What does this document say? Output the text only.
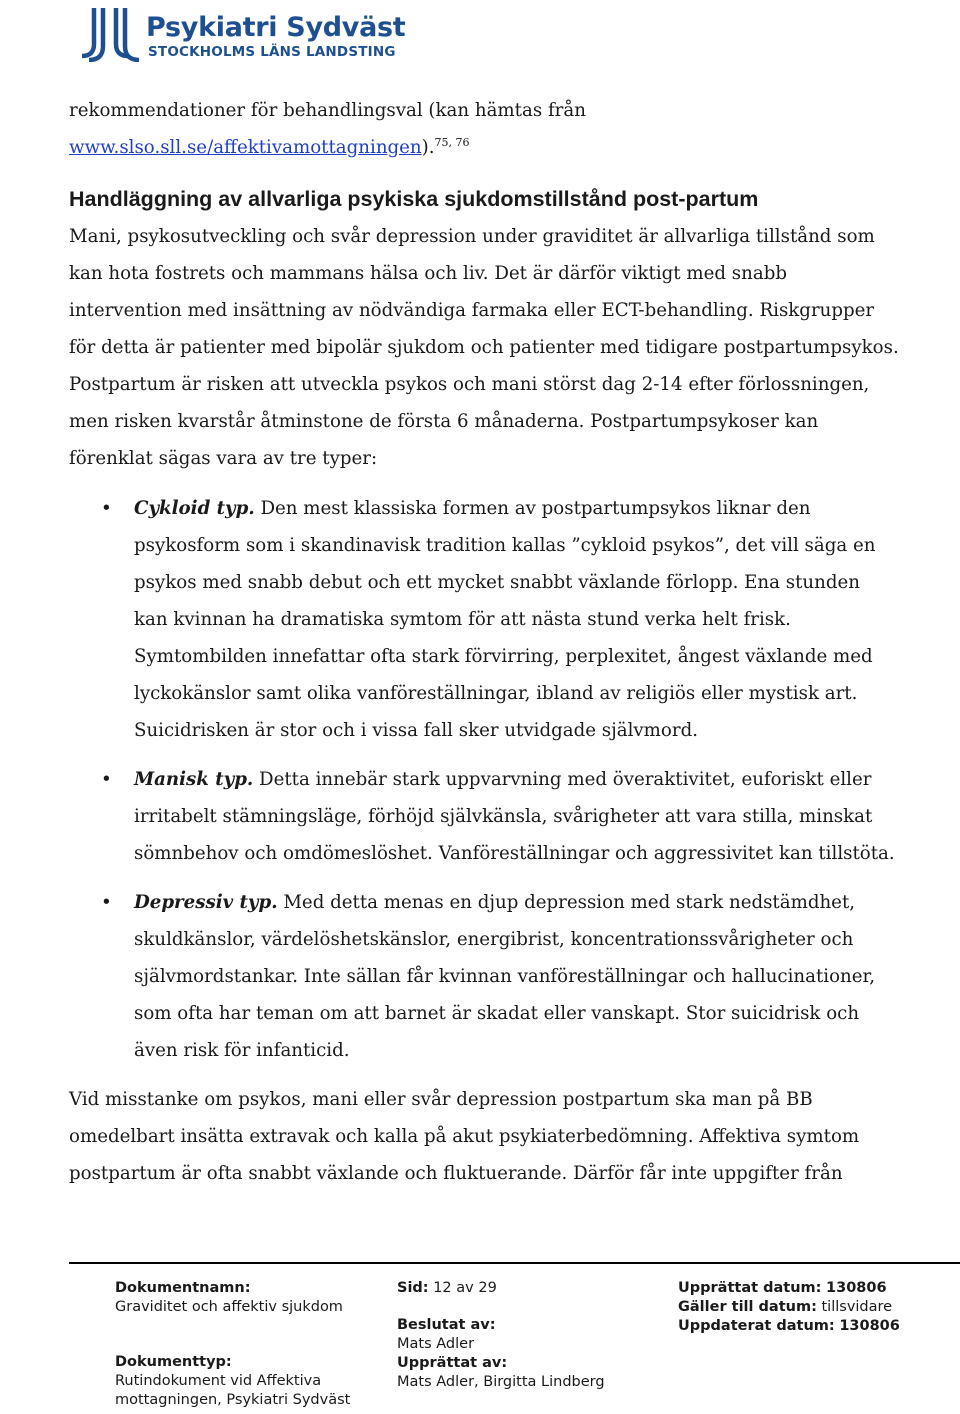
Psykiatri Sydväst
STOCKHOLMS LÄNS LANDSTING

rekommendationer för behandlingsval (kan hämtas från
www.slso.sll.se/affektivamottagningen).$^{75, 76}$

Handläggning av allvarliga psykiska sjukdomstillstånd post-partum

Mani, psykosutveckling och svår depression under graviditet är allvarliga tillstånd som kan hota fostrets och mammans hälsa och liv. Det är därför viktigt med snabb intervention med insättning av nödvändiga farmaka eller ECT-behandling. Riskgrupper för detta är patienter med bipolär sjukdom och patienter med tidigare postpartumpsykos. Postpartum är risken att utveckla psykos och mani störst dag 2-14 efter förlossningen, men risken kvarstår åtminstone de första 6 månaderna. Postpartumpsykoser kan förenklat sägas vara av tre typer:

• Cykloid typ. Den mest klassiska formen av postpartumpsykos liknar den psykosform som i skandinavisk tradition kallas ”cykloid psykos”, det vill säga en psykos med snabb debut och ett mycket snabbt växlande förlopp. Ena stunden kan kvinnan ha dramatiska symtom för att nästa stund verka helt frisk. Symtombilden innefattar ofta stark förvirring, perplexitet, ångest växlande med lyckokänslor samt olika vanföreställningar, ibland av religiös eller mystisk art. Suicidrisken är stor och i vissa fall sker utvidgade självmord.
• Manisk typ. Detta innebär stark uppvarvning med överaktivitet, euforiskt eller irritabelt stämningsläge, förhöjd självkänsla, svårigheter att vara stilla, minskat sömnbehov och omdömeslöshet. Vanföreställningar och aggressivitet kan tillstöta.
• Depressiv typ. Med detta menas en djup depression med stark nedstämdhet, skuldkänslor, värdelöshetskänslor, energibrist, koncentrationssvårigheter och självmordstankar. Inte sällan får kvinnan vanföreställningar och hallucinationer, som ofta har teman om att barnet är skadat eller vanskapt. Stor suicidrisk och även risk för infanticid.

Vid misstanke om psykos, mani eller svår depression postpartum ska man på BB omedelbart insätta extravak och kalla på akut psykiaterbedömning. Affektiva symtom postpartum är ofta snabbt växlande och fluktuerande. Därför får inte uppgifter från

Dokumentnamn:
Graviditet och affektiv sjukdom
Dokumenttyp:
Rutindokument vid Affektiva
mottagningen, Psykiatri Sydväst
Sid: 12 av 29
Beslutat av:
Mats Adler
Upprättat av:
Mats Adler, Birgitta Lindberg
Upprättat datum: 130806
Gäller till datum: tillsvidare
Uppdaterat datum: 130806
